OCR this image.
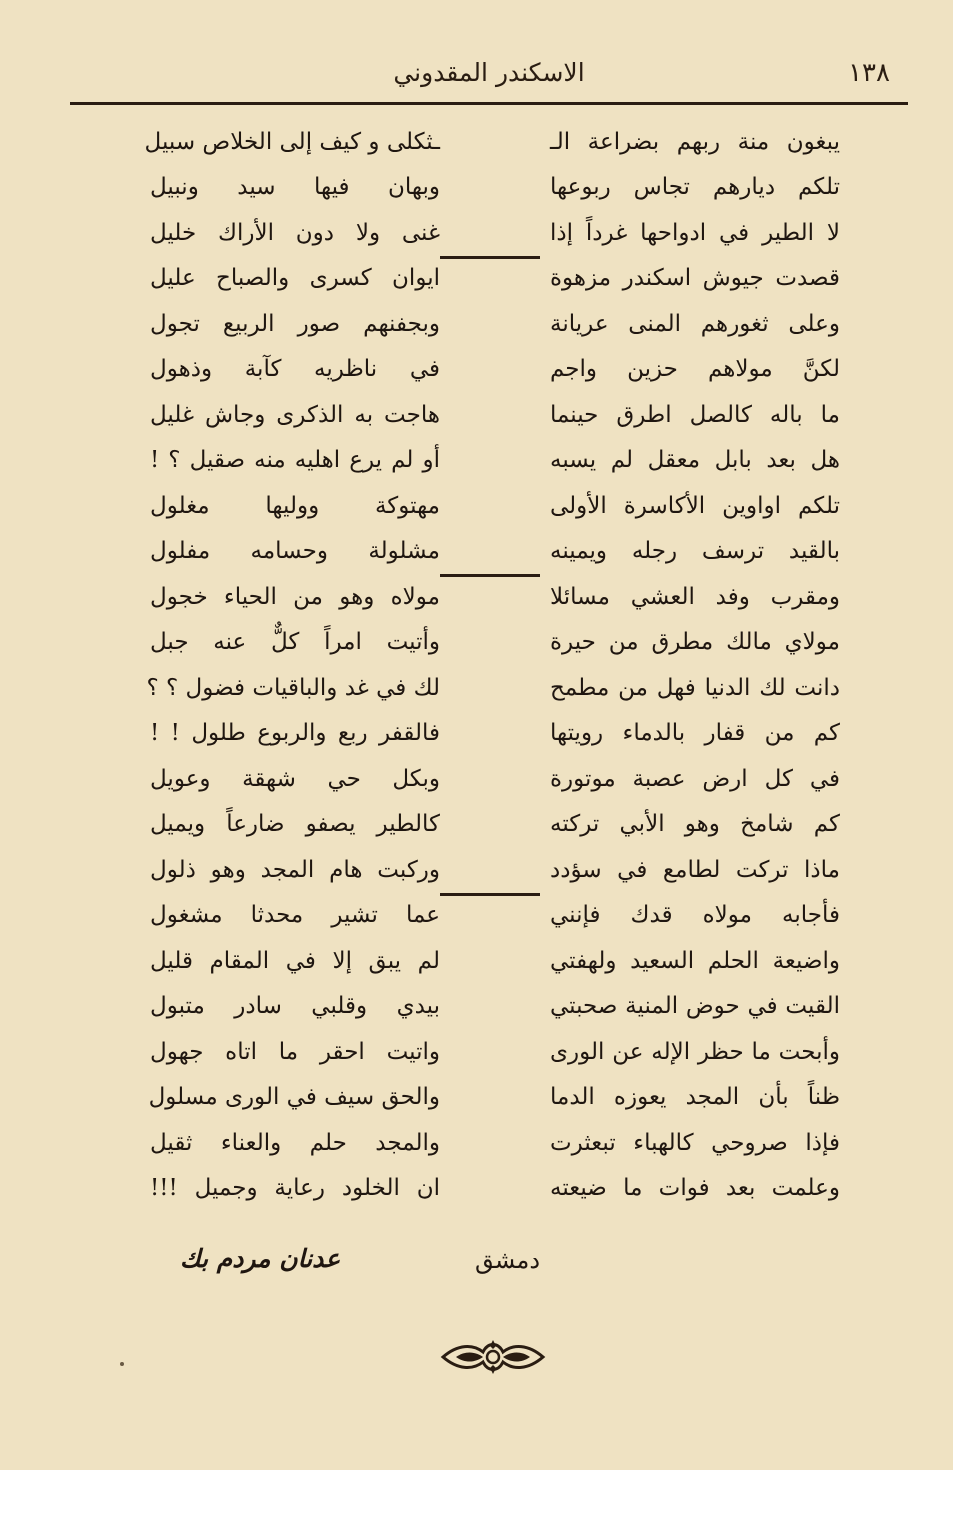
١٣٨
الاسكندر المقدوني
يبغون منة ربهم بضراعة الـ
ـثكلى و كيف إلى الخلاص سبيل
تلكم ديارهم تجاس ربوعها
وبهان فيها سيد ونبيل
لا الطير في ادواحها غرداً إذا
غنى ولا دون الأراك خليل
قصدت جيوش اسكندر مزهوة
ايوان كسرى والصباح عليل
وعلى ثغورهم المنى عريانة
وبجفنهم صور الربيع تجول
لكنَّ مولاهم حزين واجم
في ناظريه كآبة وذهول
ما باله كالصل اطرق حينما
هاجت به الذكرى وجاش غليل
هل بعد بابل معقل لم يسبه
أو لم يرع اهليه منه صقيل ؟ !
تلكم اواوين الأكاسرة الأولى
مهتوكة ووليها مغلول
بالقيد ترسف رجله ويمينه
مشلولة وحسامه مفلول
ومقرب وفد العشي مسائلا
مولاه وهو من الحياء خجول
مولاي مالك مطرق من حيرة
وأتيت امراً كلٌّ عنه جبل
دانت لك الدنيا فهل من مطمح
لك في غد والباقيات فضول ؟ ؟
كم من قفار بالدماء رويتها
فالقفر ربع والربوع طلول ! !
في كل ارض عصبة موتورة
وبكل حي شهقة وعويل
كم شامخ وهو الأبي تركته
كالطير يصفو ضارعاً ويميل
ماذا تركت لطامع في سؤدد
وركبت هام المجد وهو ذلول
فأجابه مولاه قدك فإنني
عما تشير محدثا مشغول
واضيعة الحلم السعيد ولهفتي
لم يبق إلا في المقام قليل
القيت في حوض المنية صحبتي
بيدي وقلبي سادر متبول
وأبحت ما حظر الإله عن الورى
واتيت احقر ما اتاه جهول
ظناً بأن المجد يعوزه الدما
والحق سيف في الورى مسلول
فإذا صروحي كالهباء تبعثرت
والمجد حلم والعناء ثقيل
وعلمت بعد فوات ما ضيعته
ان الخلود رعاية وجميل !!!
دمشق
عدنان مردم بك
